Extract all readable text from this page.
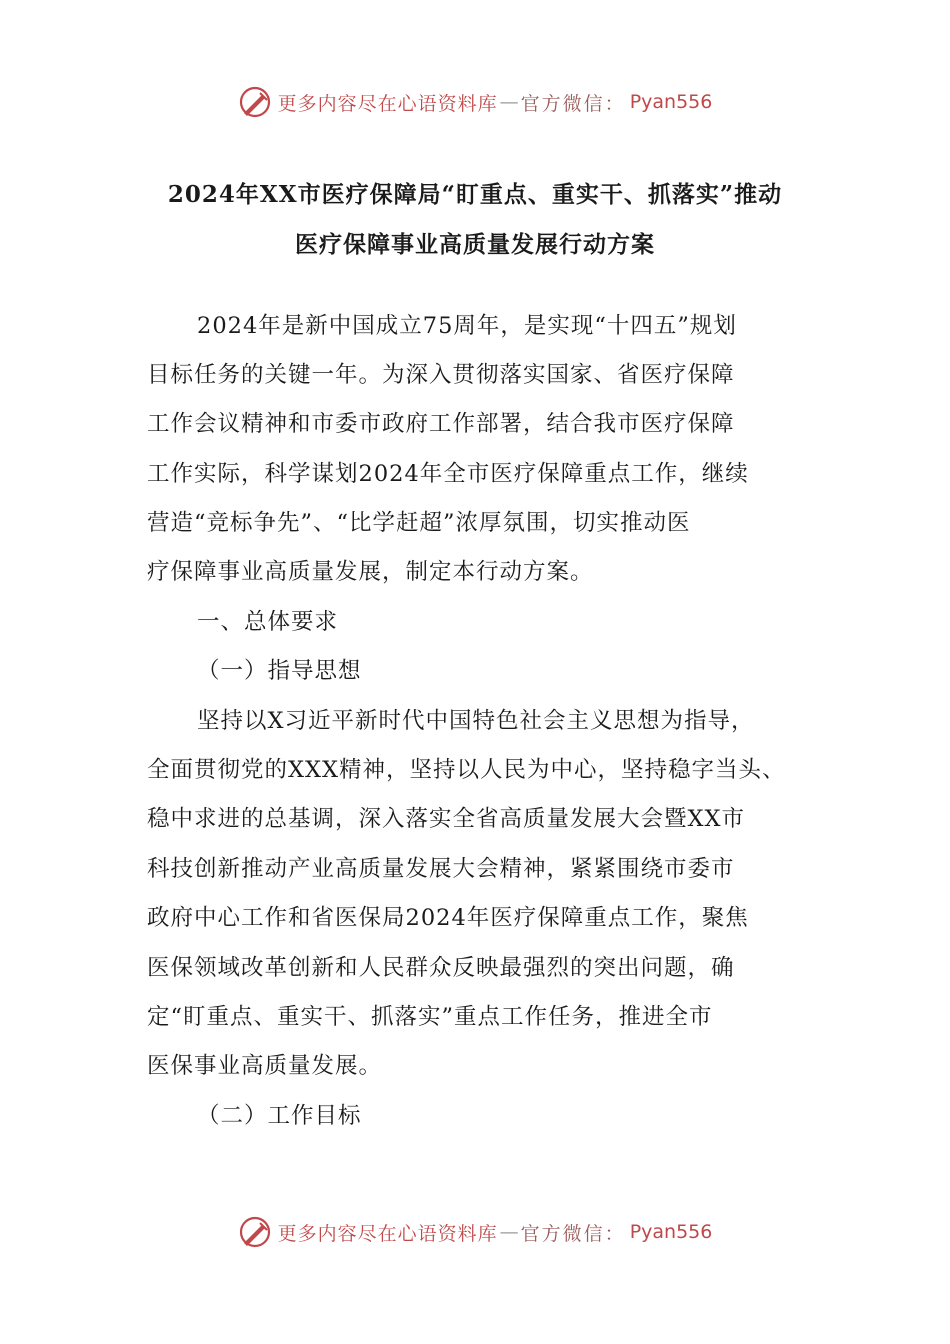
更多内容尽在心语资料库 — 官方微信： Pyan556
2024年XX市医疗保障局“盯重点、重实干、抓落实”推动
医疗保障事业高质量发展行动方案
2024年是新中国成立75周年，是实现“十四五”规划
目标任务的关键一年。为深入贯彻落实国家、省医疗保障
工作会议精神和市委市政府工作部署，结合我市医疗保障
工作实际，科学谋划2024年全市医疗保障重点工作，继续
营造“竞标争先”、“比学赶超”浓厚氛围，切实推动医
疗保障事业高质量发展，制定本行动方案。
一、总体要求
（一）指导思想
坚持以X习近平新时代中国特色社会主义思想为指导，
全面贯彻党的XXX精神，坚持以人民为中心，坚持稳字当头、
稳中求进的总基调，深入落实全省高质量发展大会暨XX市
科技创新推动产业高质量发展大会精神，紧紧围绕市委市
政府中心工作和省医保局2024年医疗保障重点工作，聚焦
医保领域改革创新和人民群众反映最强烈的突出问题，确
定“盯重点、重实干、抓落实”重点工作任务，推进全市
医保事业高质量发展。
（二）工作目标
更多内容尽在心语资料库 — 官方微信： Pyan556
